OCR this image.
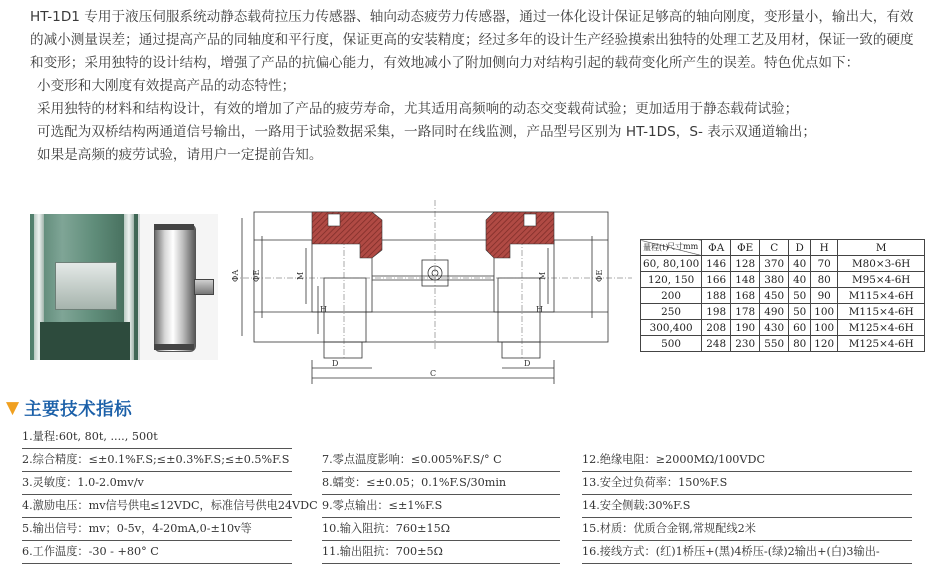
HT-1D1 专用于液压伺服系统动静态载荷拉压力传感器、轴向动态疲劳力传感器，通过一体化设计保证足够高的轴向刚度，变形量小，输出大，有效的减小测量误差；通过提高产品的同轴度和平行度，保证更高的安装精度；经过多年的设计生产经验摸索出独特的处理工艺及用材，保证一致的硬度和变形；采用独特的设计结构，增强了产品的抗偏心能力，有效地减小了附加侧向力对结构引起的载荷变化所产生的误差。特色优点如下：

小变形和大刚度有效提高产品的动态特性；

采用独特的材料和结构设计，有效的增加了产品的疲劳寿命，尤其适用高频响的动态交变载荷试验；更加适用于静态载荷试验；

可选配为双桥结构两通道信号输出，一路用于试验数据采集，一路同时在线监测，产品型号区别为 HT-1DS，S- 表示双通道输出；

如果是高频的疲劳试验，请用户一定提前告知。

ΦA ΦE	M
H
D
C
H
M	ΦE
D
尺寸mm
量程(t)	ΦA	ΦE	C	D	H	M
60, 80,100	146	128	370	40	70	M80×3-6H
120, 150	166	148	380	40	80	M95×4-6H
200	188	168	450	50	90	M115×4-6H
250	198	178	490	50	100	M115×4-6H
300,400	208	190	430	60	100	M125×4-6H
500	248	230	550	80	120	M125×4-6H
▼ 主要技术指标
1.量程:60t, 80t, ...., 500t
2.综合精度：≤±0.1%F.S;≤±0.3%F.S;≤±0.5%F.S	7.零点温度影响：≤0.005%F.S/° C	12.绝缘电阻：≥2000MΩ/100VDC
3.灵敏度：1.0-2.0mv/v	8.蠕变：≤±0.05；0.1%F.S/30min	13.安全过负荷率：150%F.S
4.激励电压：mv信号供电≤12VDC，标准信号供电24VDC 9.零点输出：≤±1%F.S	14.安全侧载:30%F.S
5.输出信号：mv；0-5v，4-20mA,0-±10v等	10.输入阻抗：760±15Ω	15.材质：优质合金钢,常规配线2米
6.工作温度：-30 - +80° C	11.输出阻抗：700±5Ω	16.接线方式：(红)1桥压+(黑)4桥压-(绿)2输出+(白)3输出-
